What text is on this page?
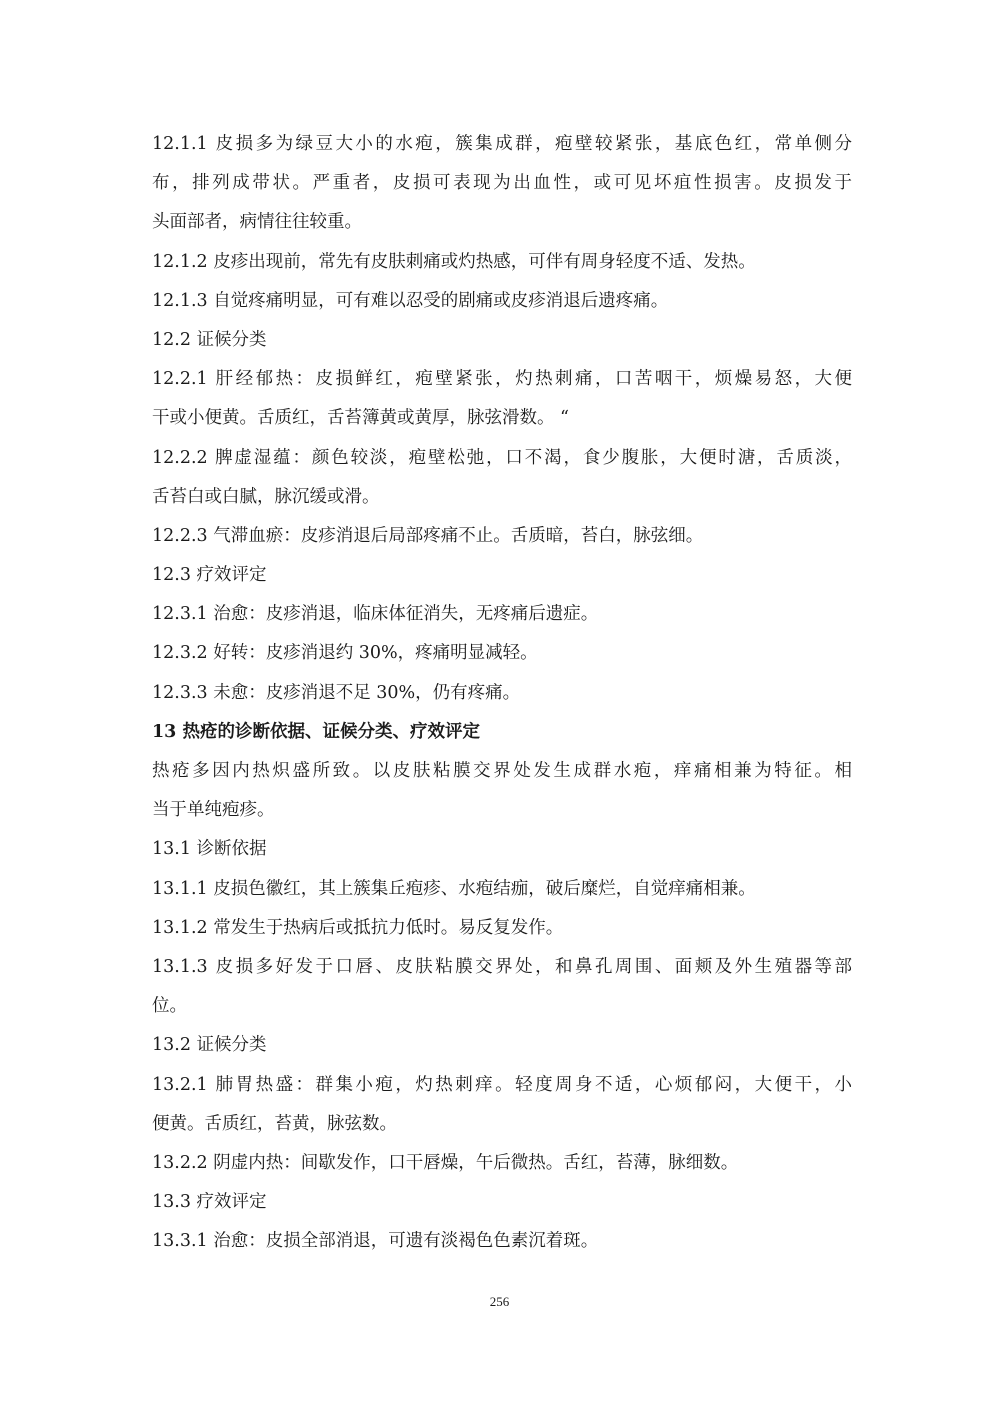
12.1.1 皮损多为绿豆大小的水疱，簇集成群，疱壁较紧张，基底色红，常单侧分
布，排列成带状。严重者，皮损可表现为出血性，或可见坏疽性损害。皮损发于
头面部者，病情往往较重。
12.1.2 皮疹出现前，常先有皮肤刺痛或灼热感，可伴有周身轻度不适、发热。
12.1.3 自觉疼痛明显，可有难以忍受的剧痛或皮疹消退后遗疼痛。
12.2 证候分类
12.2.1 肝经郁热：皮损鲜红，疱壁紧张，灼热刺痛，口苦咽干，烦燥易怒，大便
干或小便黄。舌质红，舌苔簿黄或黄厚，脉弦滑数。 “
12.2.2 脾虚湿蕴：颜色较淡，疱壁松弛，口不渴，食少腹胀，大便时溏，舌质淡，
舌苔白或白腻，脉沉缓或滑。
12.2.3 气滞血瘀：皮疹消退后局部疼痛不止。舌质暗，苔白，脉弦细。
12.3 疗效评定
12.3.1 治愈：皮疹消退，临床体征消失，无疼痛后遗症。
12.3.2 好转：皮疹消退约 30%，疼痛明显减轻。
12.3.3 未愈：皮疹消退不足 30%，仍有疼痛。
13 热疮的诊断依据、证候分类、疗效评定
热疮多因内热炽盛所致。以皮肤粘膜交界处发生成群水疱，痒痛相兼为特征。相
当于单纯疱疹。
13.1 诊断依据
13.1.1 皮损色徽红，其上簇集丘疱疹、水疱结痂，破后糜烂，自觉痒痛相兼。
13.1.2 常发生于热病后或抵抗力低时。易反复发作。
13.1.3 皮损多好发于口唇、皮肤粘膜交界处，和鼻孔周围、面颊及外生殖器等部
位。
13.2 证候分类
13.2.1 肺胃热盛：群集小疱，灼热刺痒。轻度周身不适，心烦郁闷，大便干，小
便黄。舌质红，苔黄，脉弦数。
13.2.2 阴虚内热：间歇发作，口干唇燥，午后微热。舌红，苔薄，脉细数。
13.3 疗效评定
13.3.1 治愈：皮损全部消退，可遗有淡褐色色素沉着斑。
256
